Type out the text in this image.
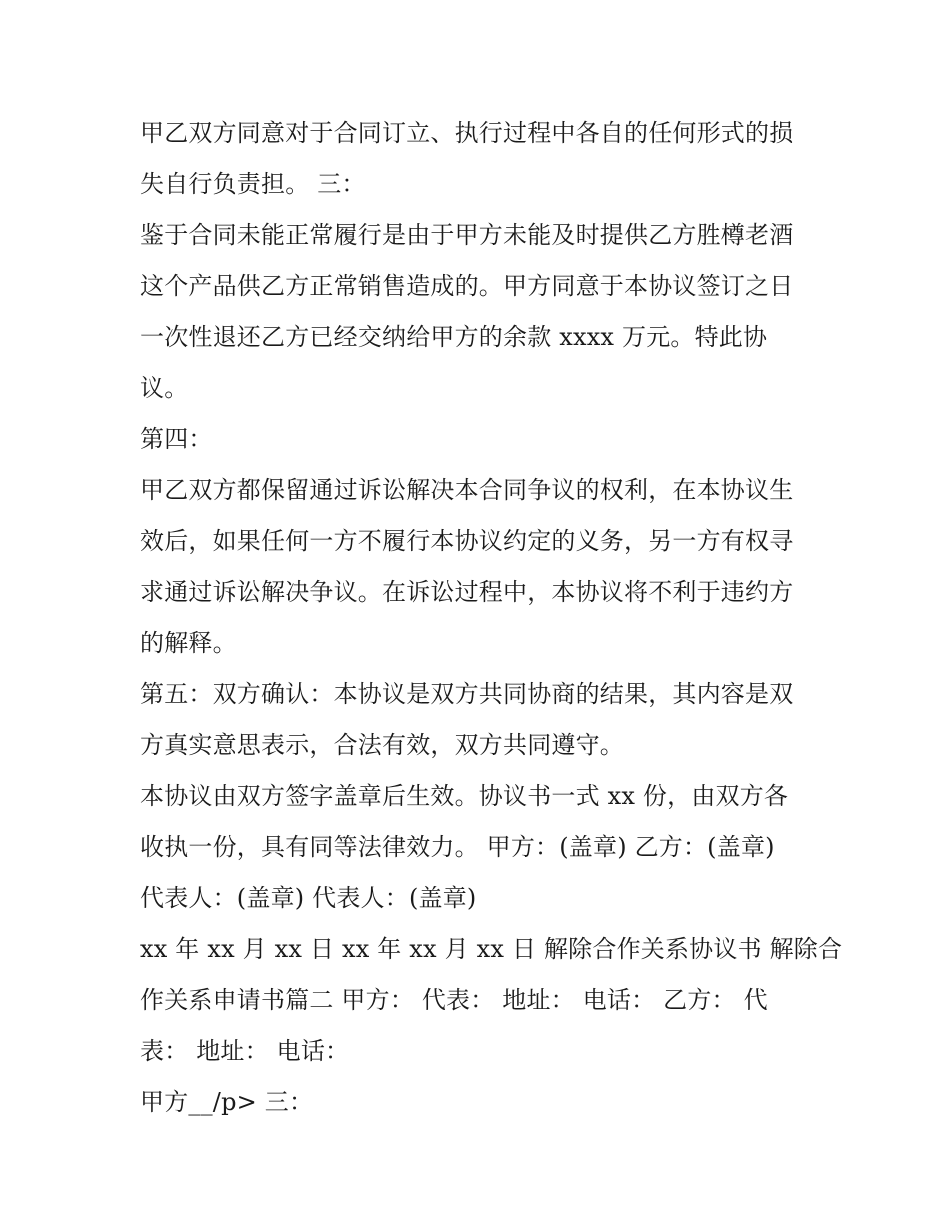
甲乙双方同意对于合同订立、执行过程中各自的任何形式的损
失自行负责担。 三：
鉴于合同未能正常履行是由于甲方未能及时提供乙方胜樽老酒
这个产品供乙方正常销售造成的。甲方同意于本协议签订之日
一次性退还乙方已经交纳给甲方的余款 xxxx 万元。特此协
议。
第四：
甲乙双方都保留通过诉讼解决本合同争议的权利，在本协议生
效后，如果任何一方不履行本协议约定的义务，另一方有权寻
求通过诉讼解决争议。在诉讼过程中，本协议将不利于违约方
的解释。
第五：双方确认：本协议是双方共同协商的结果，其内容是双
方真实意思表示，合法有效，双方共同遵守。
本协议由双方签字盖章后生效。协议书一式 xx 份，由双方各
收执一份，具有同等法律效力。 甲方：(盖章) 乙方：(盖章)
代表人：(盖章) 代表人：(盖章)
xx 年 xx 月 xx 日 xx 年 xx 月 xx 日 解除合作关系协议书 解除合
作关系申请书篇二 甲方： 代表： 地址： 电话： 乙方： 代
表： 地址： 电话：
甲方__/p> 三：
